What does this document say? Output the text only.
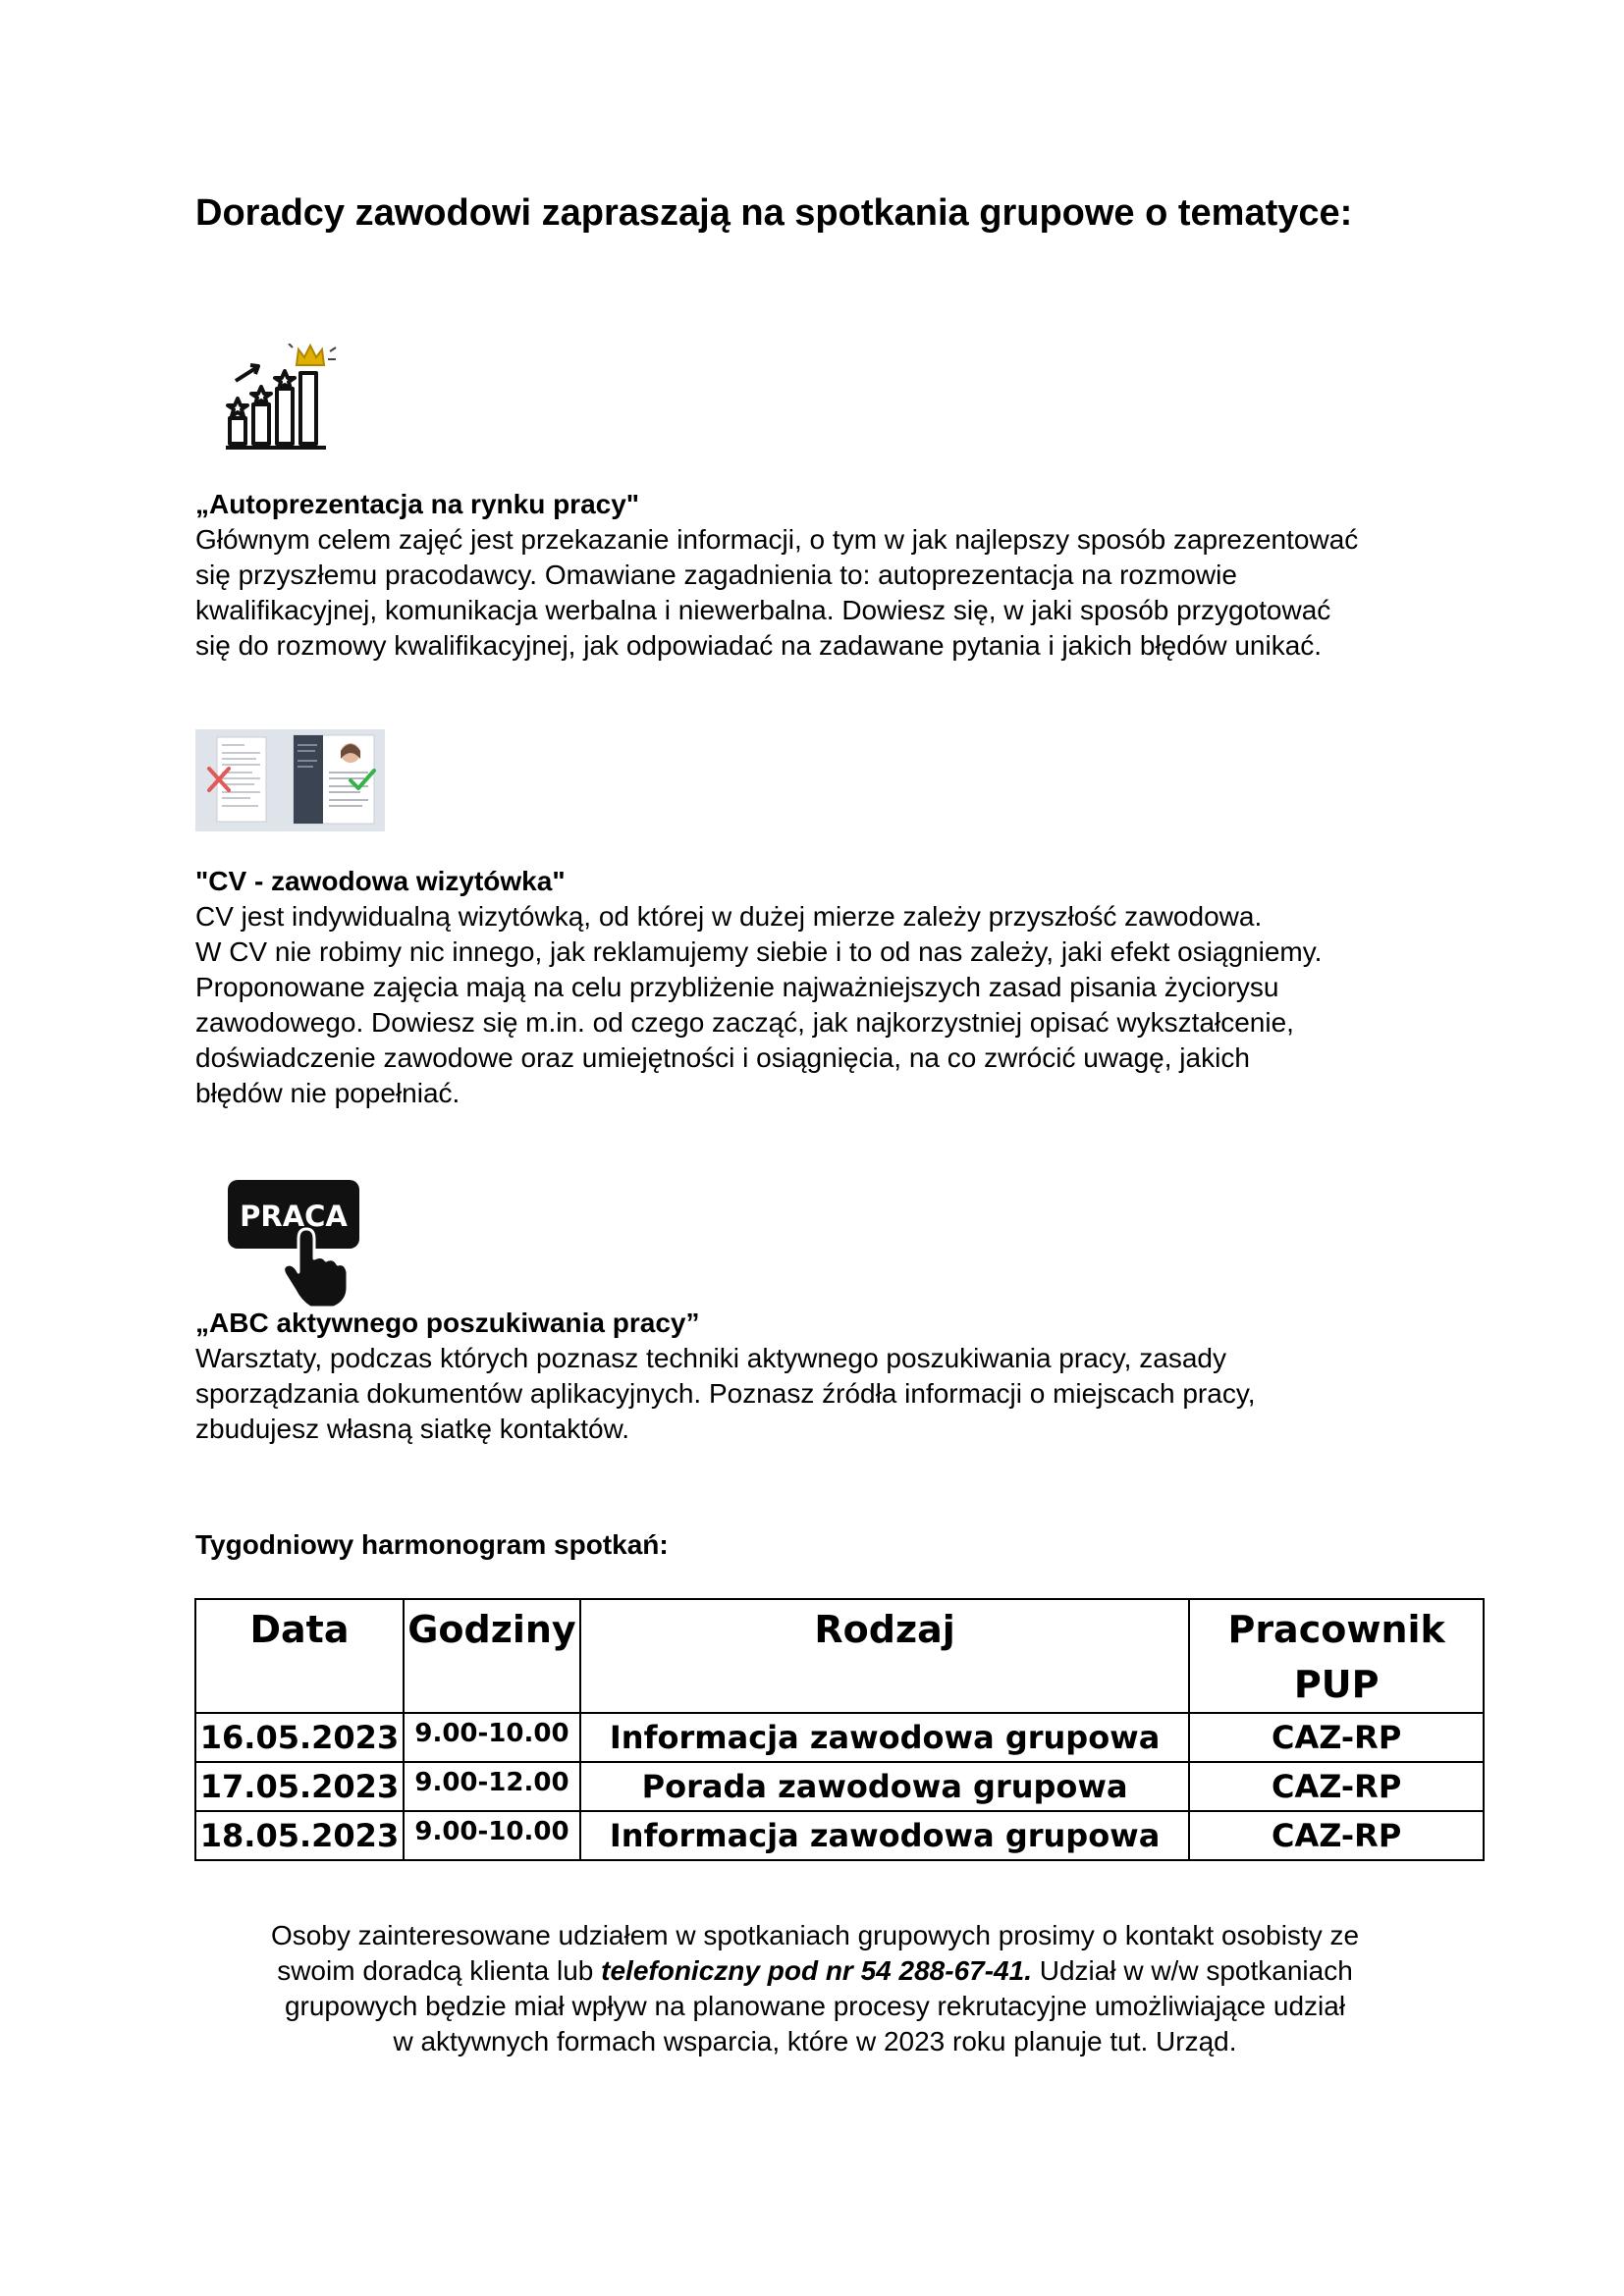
Doradcy zawodowi zapraszają na spotkania grupowe o tematyce:

„Autoprezentacja na rynku pracy"

Głównym celem zajęć jest przekazanie informacji, o tym w jak najlepszy sposób zaprezentować
się przyszłemu pracodawcy. Omawiane zagadnienia to: autoprezentacja na rozmowie
kwalifikacyjnej, komunikacja werbalna i niewerbalna. Dowiesz się, w jaki sposób przygotować
się do rozmowy kwalifikacyjnej, jak odpowiadać na zadawane pytania i jakich błędów unikać.

"CV - zawodowa wizytówka"

CV jest indywidualną wizytówką, od której w dużej mierze zależy przyszłość zawodowa.
W CV nie robimy nic innego, jak reklamujemy siebie i to od nas zależy, jaki efekt osiągniemy.
Proponowane zajęcia mają na celu przybliżenie najważniejszych zasad pisania życiorysu
zawodowego. Dowiesz się m.in. od czego zacząć, jak najkorzystniej opisać wykształcenie,
doświadczenie zawodowe oraz umiejętności i osiągnięcia, na co zwrócić uwagę, jakich
błędów nie popełniać.

PRACA

„ABC aktywnego poszukiwania pracy”

Warsztaty, podczas których poznasz techniki aktywnego poszukiwania pracy, zasady
sporządzania dokumentów aplikacyjnych. Poznasz źródła informacji o miejscach pracy,
zbudujesz własną siatkę kontaktów.

Tygodniowy harmonogram spotkań:

Data	Godziny	Rodzaj	Pracownik PUP
16.05.2023	9.00-10.00	Informacja zawodowa grupowa	CAZ-RP
17.05.2023	9.00-12.00	Porada zawodowa grupowa	CAZ-RP
18.05.2023	9.00-10.00	Informacja zawodowa grupowa	CAZ-RP

Osoby zainteresowane udziałem w spotkaniach grupowych prosimy o kontakt osobisty ze
swoim doradcą klienta lub telefoniczny pod nr 54 288-67-41. Udział w w/w spotkaniach
grupowych będzie miał wpływ na planowane procesy rekrutacyjne umożliwiające udział
w aktywnych formach wsparcia, które w 2023 roku planuje tut. Urząd.
